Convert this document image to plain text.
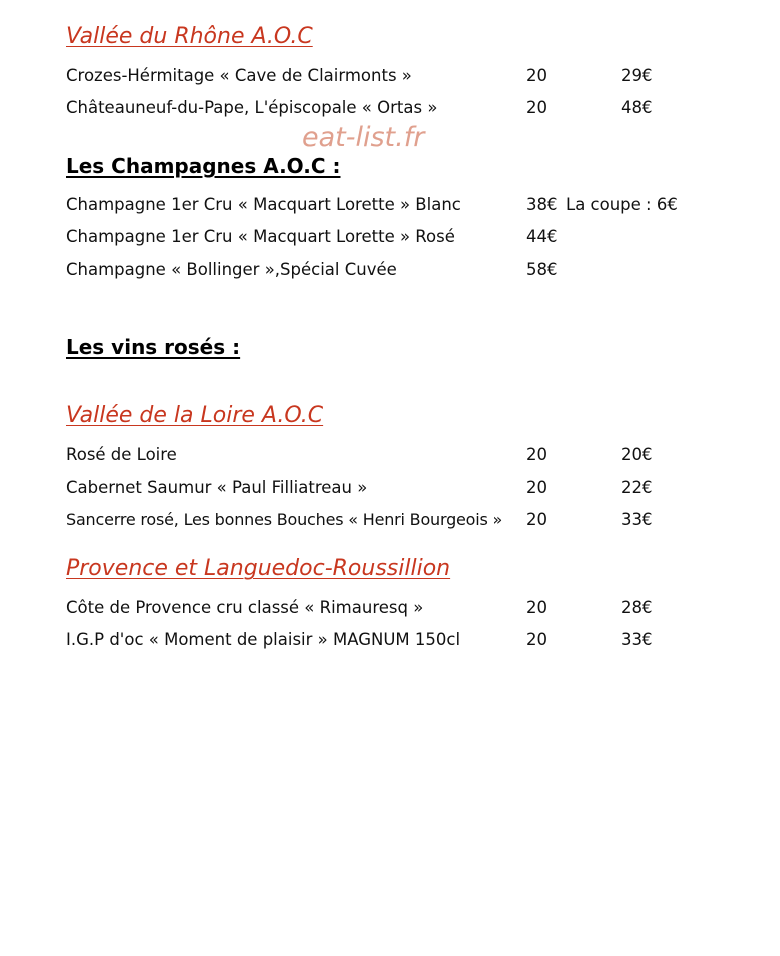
Vallée du Rhône A.O.C
Crozes-Hérmitage « Cave de Clairmonts »	20	29€
Châteauneuf-du-Pape, L'épiscopale « Ortas »	20	48€
eat-list.fr
Les Champagnes A.O.C :
Champagne 1er Cru « Macquart Lorette » Blanc	38€ La coupe : 6€
Champagne 1er Cru « Macquart Lorette » Rosé	44€
Champagne « Bollinger »,Spécial Cuvée	58€
Les vins rosés :
Vallée de la Loire A.O.C
Rosé de Loire	20	20€
Cabernet Saumur « Paul Filliatreau »	20	22€
Sancerre rosé, Les bonnes Bouches « Henri Bourgeois » 20	33€
Provence et Languedoc-Roussillion
Côte de Provence cru classé « Rimauresq »	20	28€
I.G.P d'oc « Moment de plaisir » MAGNUM 150cl	20	33€
